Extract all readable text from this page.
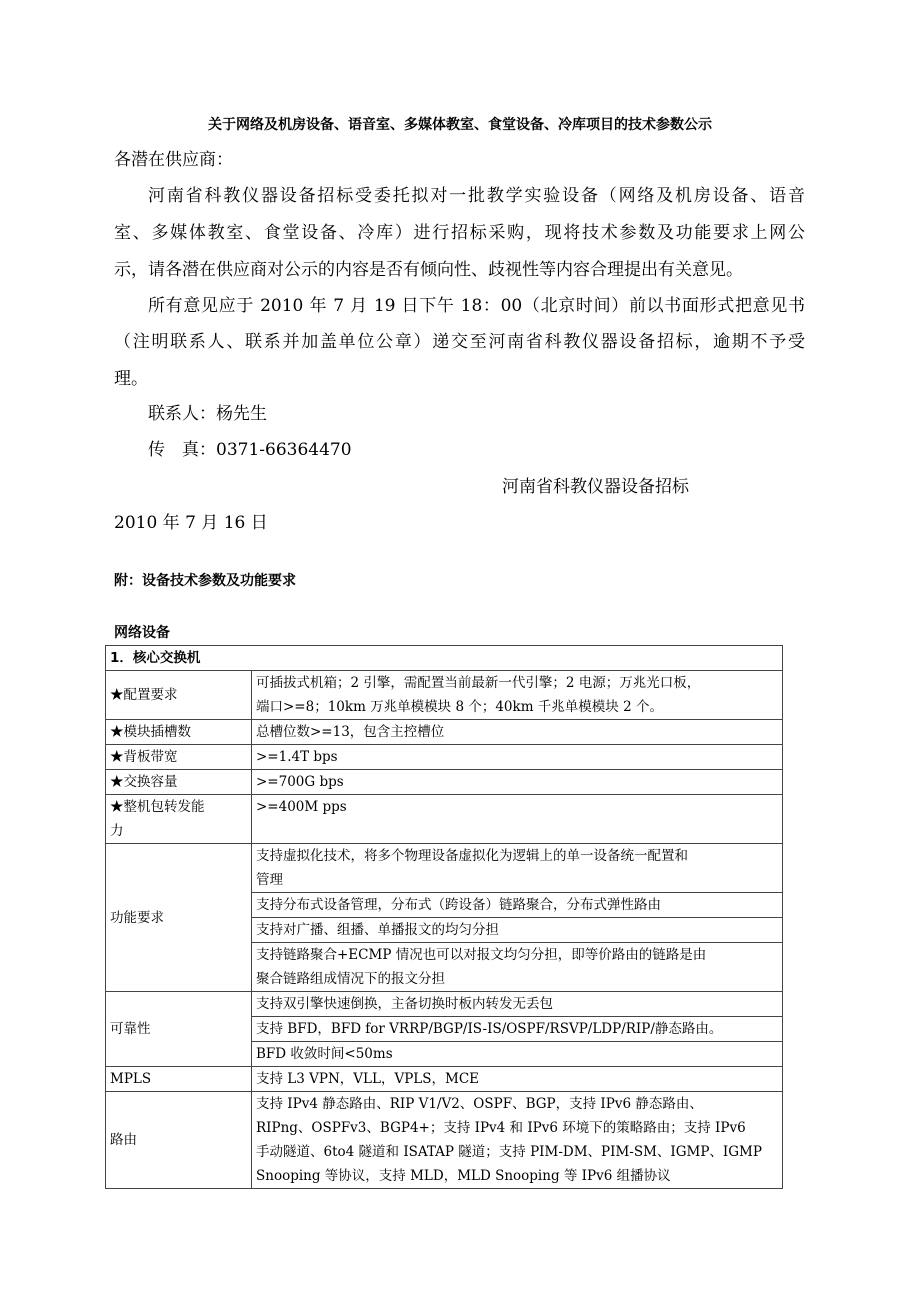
关于网络及机房设备、语音室、多媒体教室、食堂设备、冷库项目的技术参数公示
各潜在供应商：
河南省科教仪器设备招标受委托拟对一批教学实验设备（网络及机房设备、语音
室、多媒体教室、食堂设备、冷库）进行招标采购，现将技术参数及功能要求上网公
示，请各潜在供应商对公示的内容是否有倾向性、歧视性等内容合理提出有关意见。
所有意见应于 2010 年 7 月 19 日下午 18：00（北京时间）前以书面形式把意见书
（注明联系人、联系并加盖单位公章）递交至河南省科教仪器设备招标，逾期不予受
理。
联系人：杨先生
传　真：0371-66364470
河南省科教仪器设备招标
2010 年 7 月 16 日
附：设备技术参数及功能要求
网络设备
1．核心交换机	
★配置要求	可插拔式机箱；2 引擎，需配置当前最新一代引擎；2 电源；万兆光口板，
端口>=8；10km 万兆单模模块 8 个；40km 千兆单模模块 2 个。

★模块插槽数	总槽位数>=13，包含主控槽位
★背板带宽	>=1.4T bps
★交换容量	>=700G bps

★整机包转发能
力	>=400M pps
功能要求	支持虚拟化技术，将多个物理设备虚拟化为逻辑上的单一设备统一配置和
管理

	支持分布式设备管理，分布式（跨设备）链路聚合，分布式弹性路由
	支持对广播、组播、单播报文的均匀分担

	支持链路聚合+ECMP 情况也可以对报文均匀分担，即等价路由的链路是由
聚合链路组成情况下的报文分担

可靠性	支持双引擎快速倒换，主备切换时板内转发无丢包
	支持 BFD，BFD for VRRP/BGP/IS-IS/OSPF/RSVP/LDP/RIP/静态路由。
	BFD 收敛时间<50ms
MPLS	支持 L3 VPN，VLL，VPLS，MCE
路由	支持 IPv4 静态路由、RIP V1/V2、OSPF、BGP，支持 IPv6 静态路由、
RIPng、OSPFv3、BGP4+；支持 IPv4 和 IPv6 环境下的策略路由；支持 IPv6
手动隧道、6to4 隧道和 ISATAP 隧道；支持 PIM-DM、PIM-SM、IGMP、IGMP
Snooping 等协议，支持 MLD，MLD Snooping 等 IPv6 组播协议
